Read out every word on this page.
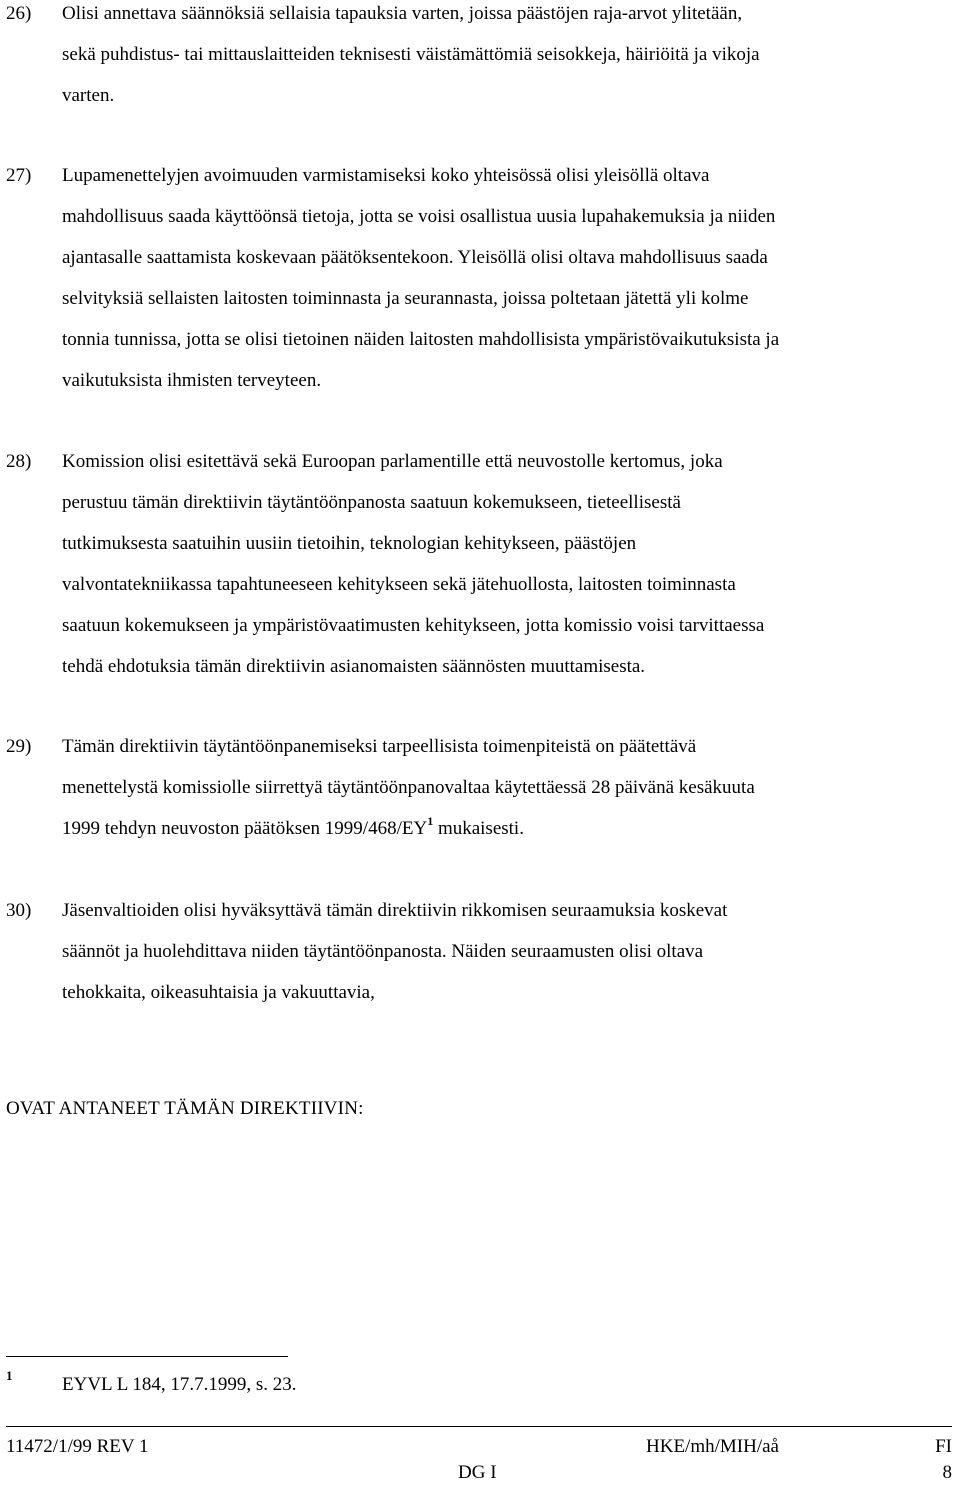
26)	Olisi annettava säännöksiä sellaisia tapauksia varten, joissa päästöjen raja-arvot ylitetään,
sekä puhdistus- tai mittauslaitteiden teknisesti väistämättömiä seisokkeja, häiriöitä ja vikoja
varten.
27)	Lupamenettelyjen avoimuuden varmistamiseksi koko yhteisössä olisi yleisöllä oltava
mahdollisuus saada käyttöönsä tietoja, jotta se voisi osallistua uusia lupahakemuksia ja niiden
ajantasalle saattamista koskevaan päätöksentekoon. Yleisöllä olisi oltava mahdollisuus saada
selvityksiä sellaisten laitosten toiminnasta ja seurannasta, joissa poltetaan jätettä yli kolme
tonnia tunnissa, jotta se olisi tietoinen näiden laitosten mahdollisista ympäristövaikutuksista ja
vaikutuksista ihmisten terveyteen.
28)	Komission olisi esitettävä sekä Euroopan parlamentille että neuvostolle kertomus, joka
perustuu tämän direktiivin täytäntöönpanosta saatuun kokemukseen, tieteellisestä
tutkimuksesta saatuihin uusiin tietoihin, teknologian kehitykseen, päästöjen
valvontatekniikassa tapahtuneeseen kehitykseen sekä jätehuollosta, laitosten toiminnasta
saatuun kokemukseen ja ympäristövaatimusten kehitykseen, jotta komissio voisi tarvittaessa
tehdä ehdotuksia tämän direktiivin asianomaisten säännösten muuttamisesta.
29)	Tämän direktiivin täytäntöönpanemiseksi tarpeellisista toimenpiteistä on päätettävä
menettelystä komissiolle siirrettyä täytäntöönpanovaltaa käytettäessä 28 päivänä kesäkuuta
1999 tehdyn neuvoston päätöksen $1999/468/EY^1$ mukaisesti.
30)	Jäsenvaltioiden olisi hyväksyttävä tämän direktiivin rikkomisen seuraamuksia koskevat
säännöt ja huolehdittava niiden täytäntöönpanosta. Näiden seuraamusten olisi oltava
tehokkaita, oikeasuhtaisia ja vakuuttavia,
OVAT ANTANEET TÄMÄN DIREKTIIVIN:
1	EYVL L 184, 17.7.1999, s. 23.
11472/1/99 REV 1	HKE/mh/MIH/aå	FI
DG I	8
